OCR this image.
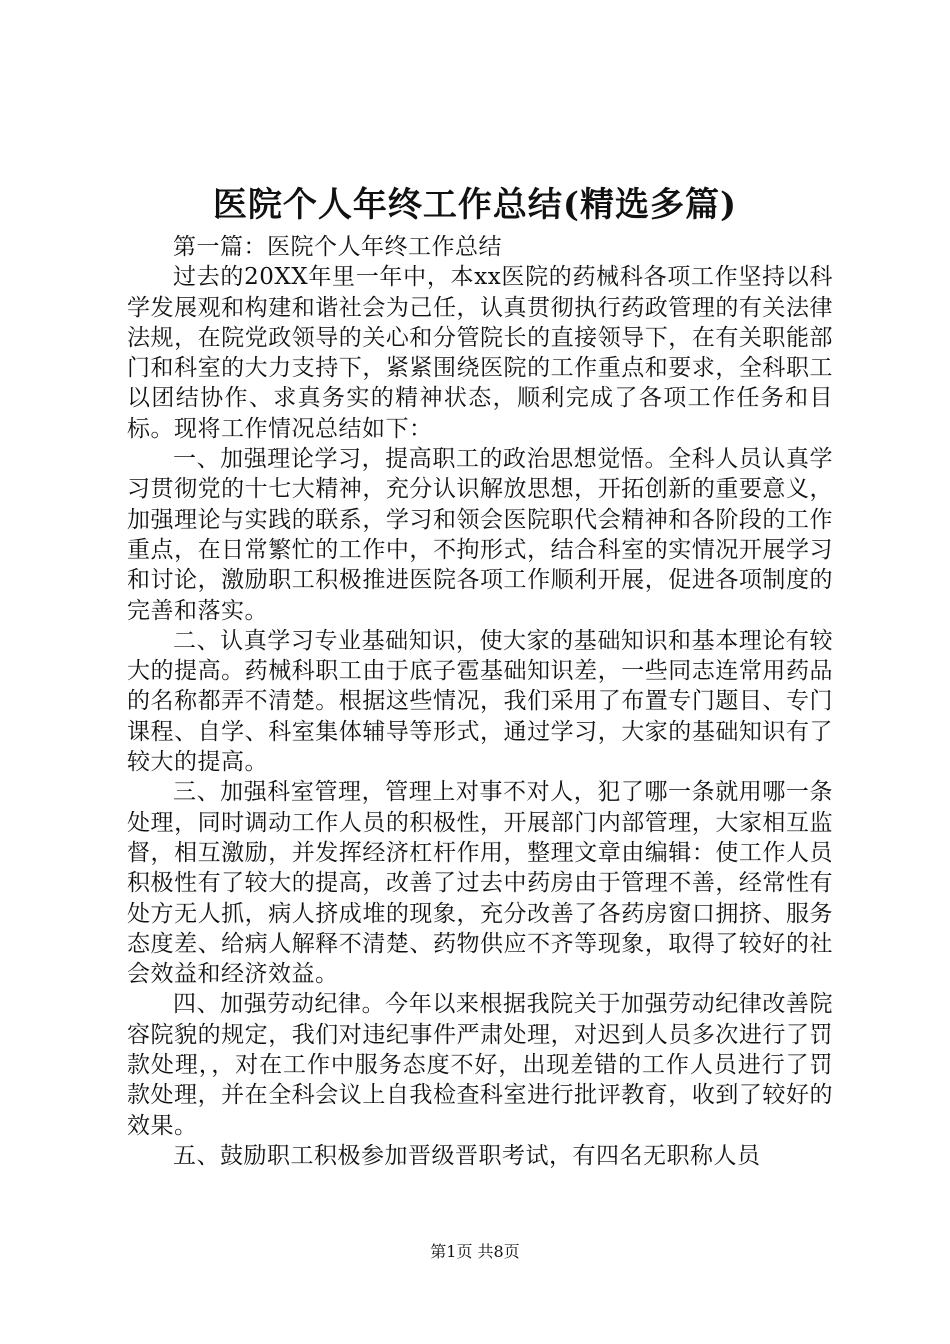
医院个人年终工作总结(精选多篇)

第一篇：医院个人年终工作总结

过去的20XX年里一年中，本xx医院的药械科各项工作坚持以科学发展观和构建和谐社会为己任，认真贯彻执行药政管理的有关法律法规，在院党政领导的关心和分管院长的直接领导下，在有关职能部门和科室的大力支持下，紧紧围绕医院的工作重点和要求，全科职工以团结协作、求真务实的精神状态，顺利完成了各项工作任务和目标。现将工作情况总结如下：

一、加强理论学习，提高职工的政治思想觉悟。全科人员认真学习贯彻党的十七大精神，充分认识解放思想，开拓创新的重要意义，加强理论与实践的联系，学习和领会医院职代会精神和各阶段的工作重点，在日常繁忙的工作中，不拘形式，结合科室的实情况开展学习和讨论，激励职工积极推进医院各项工作顺利开展，促进各项制度的完善和落实。

二、认真学习专业基础知识，使大家的基础知识和基本理论有较大的提高。药械科职工由于底子雹基础知识差，一些同志连常用药品的名称都弄不清楚。根据这些情况，我们采用了布置专门题目、专门课程、自学、科室集体辅导等形式，通过学习，大家的基础知识有了较大的提高。

三、加强科室管理，管理上对事不对人，犯了哪一条就用哪一条处理，同时调动工作人员的积极性，开展部门内部管理，大家相互监督，相互激励，并发挥经济杠杆作用，整理文章由编辑：使工作人员积极性有了较大的提高，改善了过去中药房由于管理不善，经常性有处方无人抓，病人挤成堆的现象，充分改善了各药房窗口拥挤、服务态度差、给病人解释不清楚、药物供应不齐等现象，取得了较好的社会效益和经济效益。

四、加强劳动纪律。今年以来根据我院关于加强劳动纪律改善院容院貌的规定，我们对违纪事件严肃处理，对迟到人员多次进行了罚款处理，，对在工作中服务态度不好，出现差错的工作人员进行了罚款处理，并在全科会议上自我检查科室进行批评教育，收到了较好的效果。

五、鼓励职工积极参加晋级晋职考试，有四名无职称人员

第1页 共8页
